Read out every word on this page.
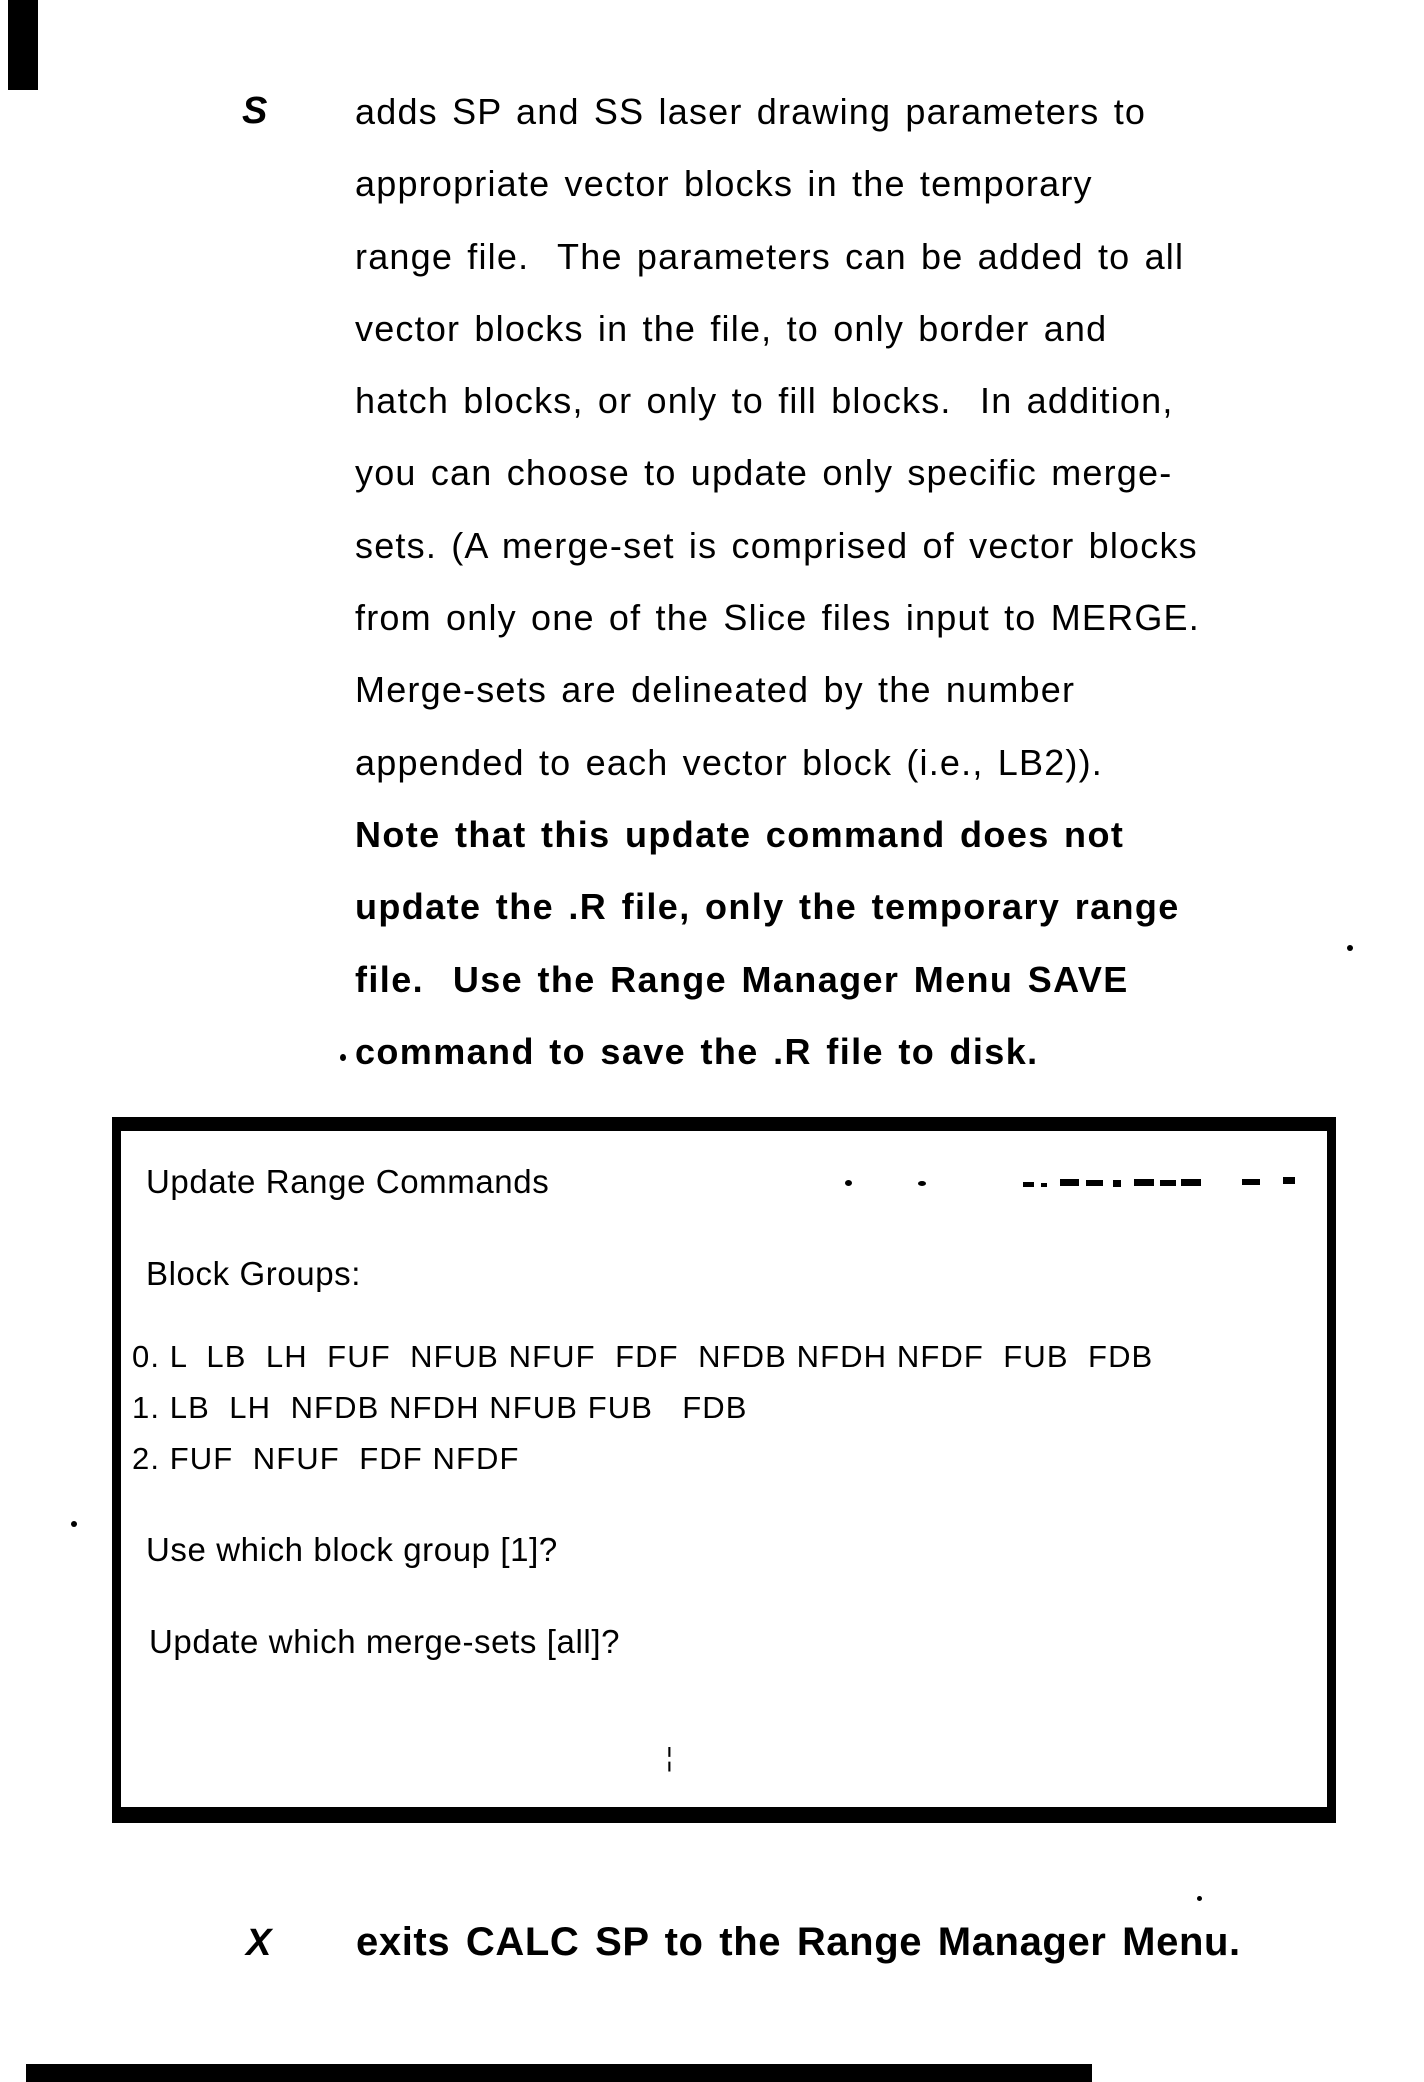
S adds SP and SS laser drawing parameters to
appropriate vector blocks in the temporary
range file.  The parameters can be added to all
vector blocks in the file, to only border and
hatch blocks, or only to fill blocks.  In addition,
you can choose to update only specific merge-
sets. (A merge-set is comprised of vector blocks
from only one of the Slice files input to MERGE.
Merge-sets are delineated by the number
appended to each vector block (i.e., LB2)).
Note that this update command does not
update the .R file, only the temporary range
file.  Use the Range Manager Menu SAVE
command to save the .R file to disk.
Update Range Commands
Block Groups:
0. L  LB  LH  FUF  NFUB NFUF  FDF  NFDB NFDH NFDF  FUB  FDB
1. LB  LH  NFDB NFDH NFUB FUB   FDB
2. FUF  NFUF  FDF NFDF
Use which block group [1]?
Update which merge-sets [all]?
¦
X exits CALC SP to the Range Manager Menu.
